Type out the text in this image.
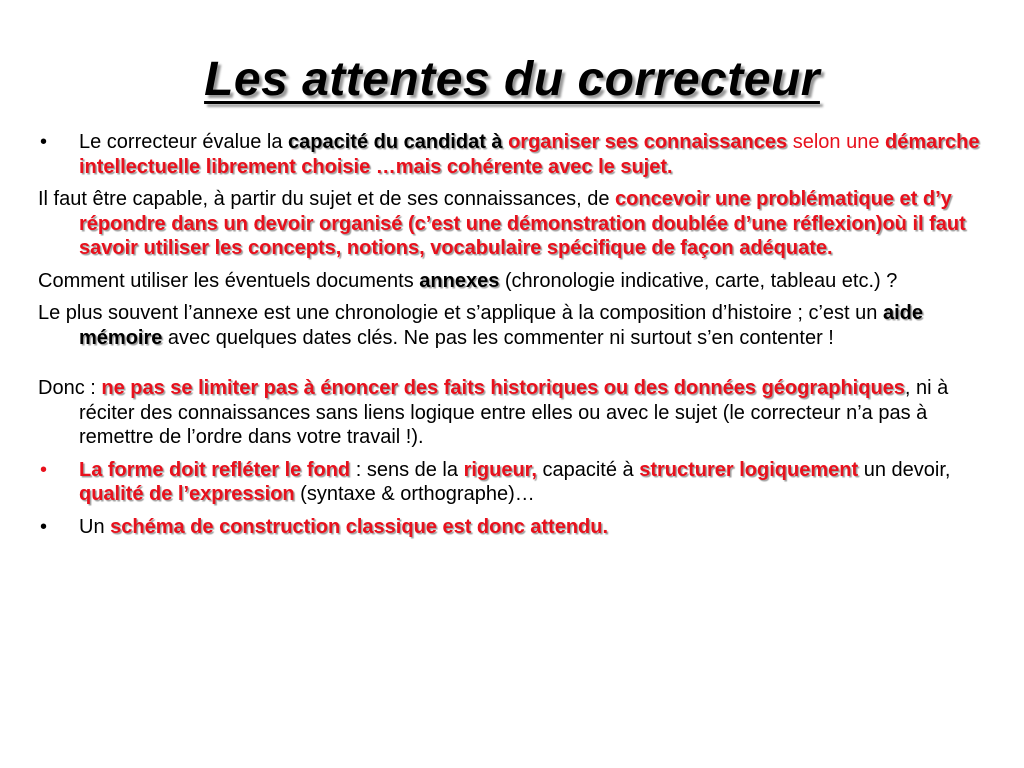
Les attentes du correcteur
• Le correcteur évalue la capacité du candidat à organiser ses connaissances selon une démarche intellectuelle librement choisie …mais cohérente avec le sujet.
Il faut être capable, à partir du sujet et de ses connaissances, de concevoir une problématique et d’y répondre dans un devoir organisé (c’est une démonstration doublée d’une réflexion)où il faut savoir utiliser les concepts, notions, vocabulaire spécifique de façon adéquate.
Comment utiliser les éventuels documents annexes (chronologie indicative, carte, tableau etc.) ?
Le plus souvent l’annexe est une chronologie et s’applique à la composition d’histoire ; c’est un aide mémoire avec quelques dates clés. Ne pas les commenter ni surtout s’en contenter !
Donc : ne pas se limiter pas à énoncer des faits historiques ou des données géographiques, ni à réciter des connaissances sans liens logique entre elles ou avec le sujet (le correcteur n’a pas à remettre de l’ordre dans votre travail !).
• La forme doit refléter le fond : sens de la rigueur, capacité à structurer logiquement un devoir, qualité de l’expression (syntaxe & orthographe)…
• Un schéma de construction classique est donc attendu.
